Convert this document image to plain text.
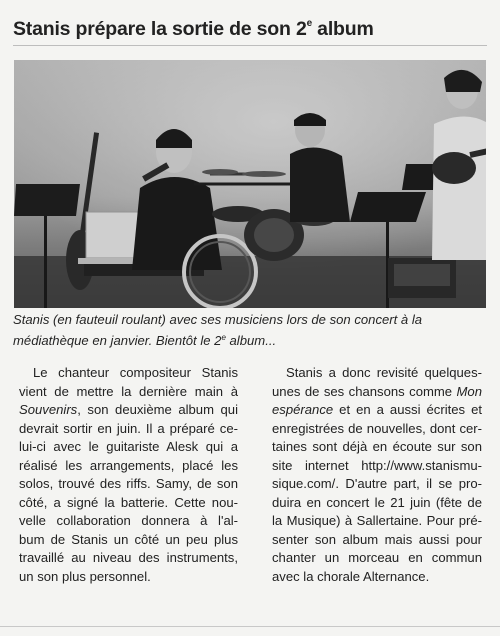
Stanis prépare la sortie de son 2e album
Stanis (en fauteuil roulant) avec ses musiciens lors de son concert à la
médiathèque en janvier. Bientôt le 2e album...
Le chanteur compositeur Stanis
vient de mettre la dernière main à
Souvenirs, son deuxième album qui
devrait sortir en juin. Il a préparé ce-
lui-ci avec le guitariste Alesk qui a
réalisé les arrangements, placé les
solos, trouvé des riffs. Samy, de son
côté, a signé la batterie. Cette nou-
velle collaboration donnera à l'al-
bum de Stanis un côté un peu plus
travaillé au niveau des instruments,
un son plus personnel.
Stanis a donc revisité quelques-
unes de ses chansons comme Mon
espérance et en a aussi écrites et
enregistrées de nouvelles, dont cer-
taines sont déjà en écoute sur son
site internet http://www.stanismu-
sique.com/. D'autre part, il se pro-
duira en concert le 21 juin (fête de
la Musique) à Sallertaine. Pour pré-
senter son album mais aussi pour
chanter un morceau en commun
avec la chorale Alternance.
